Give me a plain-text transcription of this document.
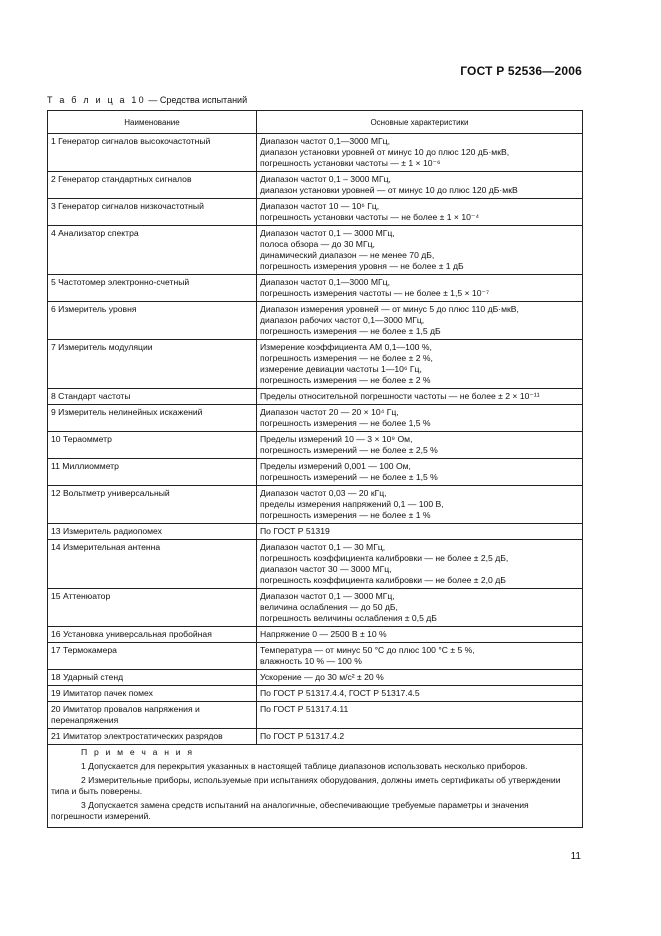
ГОСТ Р 52536—2006
Т а б л и ц а 10 — Средства испытаний
Наименование	Основные характеристики
1 Генератор сигналов высокочастотный	Диапазон частот 0,1—3000 МГц,
диапазон установки уровней от минус 10 до плюс 120 дБ·мкВ,
погрешность установки частоты — ± 1 × 10⁻⁶

2 Генератор стандартных сигналов	Диапазон частот 0,1 – 3000 МГц,
диапазон установки уровней — от минус 10 до плюс 120 дБ·мкВ

3 Генератор сигналов низкочастотный	Диапазон частот 10 — 10⁶ Гц,
погрешность установки частоты — не более ± 1 × 10⁻⁴

4 Анализатор спектра	Диапазон частот 0,1 — 3000 МГц,
полоса обзора — до 30 МГц,
динамический диапазон — не менее 70 дБ,
погрешность измерения уровня — не более ± 1 дБ

5 Частотомер электронно-счетный	Диапазон частот 0,1—3000 МГц,
погрешность измерения частоты — не более ± 1,5 × 10⁻⁷

6 Измеритель уровня	Диапазон измерения уровней — от минус 5 до плюс 110 дБ·мкВ,
диапазон рабочих частот 0,1—3000 МГц,
погрешность измерения — не более ± 1,5 дБ

7 Измеритель модуляции	Измерение коэффициента АМ 0,1—100 %,
погрешность измерения — не более ± 2 %,
измерение девиации частоты 1—10⁶ Гц,
погрешность измерения — не более ± 2 %

8 Стандарт частоты	Пределы относительной погрешности частоты — не более ± 2 × 10⁻¹¹

9 Измеритель нелинейных искажений	Диапазон частот 20 — 20 × 10⁴ Гц,
погрешность измерения — не более 1,5 %

10 Тераомметр	Пределы измерений 10 — 3 × 10⁹ Ом,
погрешность измерений — не более ± 2,5 %

11 Миллиомметр	Пределы измерений 0,001 — 100 Ом,
погрешность измерений — не более ± 1,5 %

12 Вольтметр универсальный	Диапазон частот 0,03 — 20 кГц,
пределы измерения напряжений 0,1 — 100 В,
погрешность измерения — не более ± 1 %

13 Измеритель радиопомех	По ГОСТ Р 51319

14 Измерительная антенна	Диапазон частот 0,1 — 30 МГц,
погрешность коэффициента калибровки — не более ± 2,5 дБ,
диапазон частот 30 — 3000 МГц,
погрешность коэффициента калибровки — не более ± 2,0 дБ

15 Аттенюатор	Диапазон частот 0,1 — 3000 МГц,
величина ослабления — до 50 дБ,
погрешность величины ослабления ± 0,5 дБ

16 Установка универсальная пробойная	Напряжение 0 — 2500 В ± 10 %

17 Термокамера	Температура — от минус 50 °С до плюс 100 °С ± 5 %,
влажность 10 % — 100 %

18 Ударный стенд	Ускорение — до 30 м/с² ± 20 %

19 Имитатор пачек помех	По ГОСТ Р 51317.4.4, ГОСТ Р 51317.4.5

20 Имитатор провалов напряжения и перенапряжения	По ГОСТ Р 51317.4.11

21 Имитатор электростатических разрядов	По ГОСТ Р 51317.4.2

П р и м е ч а н и я

1 Допускается для перекрытия указанных в настоящей таблице диапазонов использовать несколько приборов.

2 Измерительные приборы, используемые при испытаниях оборудования, должны иметь сертификаты об утверждении типа и быть поверены.

3 Допускается замена средств испытаний на аналогичные, обеспечивающие требуемые параметры и значения погрешности измерений.	

11
